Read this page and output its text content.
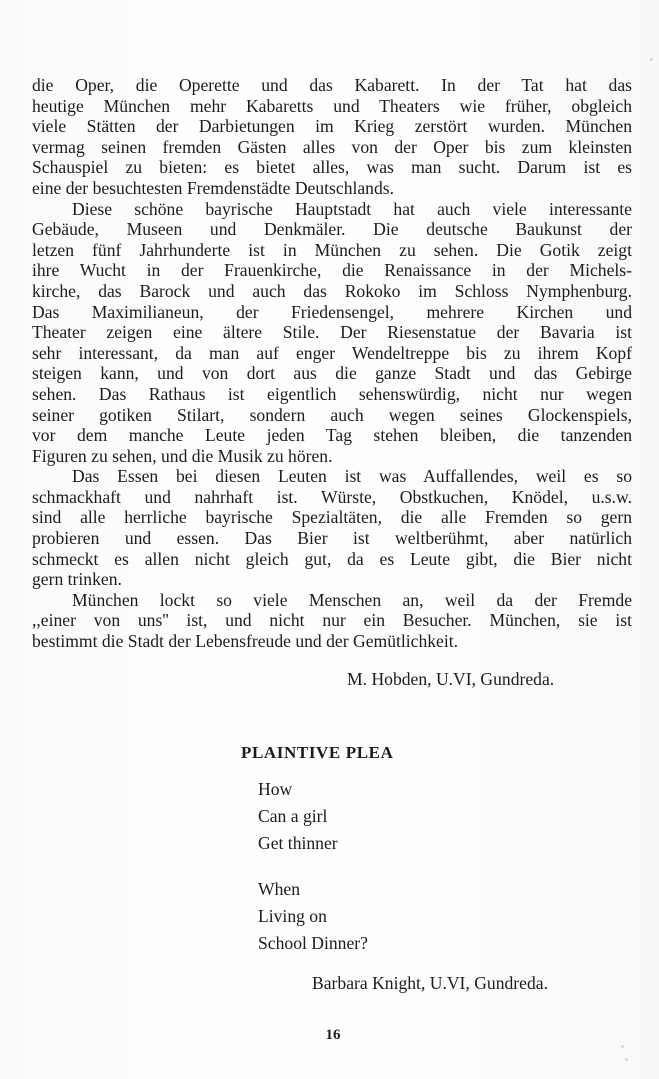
die Oper, die Operette und das Kabarett. In der Tat hat das
heutige München mehr Kabaretts und Theaters wie früher, obgleich
viele Stätten der Darbietungen im Krieg zerstört wurden. München
vermag seinen fremden Gästen alles von der Oper bis zum kleinsten
Schauspiel zu bieten: es bietet alles, was man sucht. Darum ist es
eine der besuchtesten Fremdenstädte Deutschlands.
Diese schöne bayrische Hauptstadt hat auch viele interessante
Gebäude, Museen und Denkmäler. Die deutsche Baukunst der
letzen fünf Jahrhunderte ist in München zu sehen. Die Gotik zeigt
ihre Wucht in der Frauenkirche, die Renaissance in der Michels-
kirche, das Barock und auch das Rokoko im Schloss Nymphenburg.
Das Maximilianeun, der Friedensengel, mehrere Kirchen und
Theater zeigen eine ältere Stile. Der Riesenstatue der Bavaria ist
sehr interessant, da man auf enger Wendeltreppe bis zu ihrem Kopf
steigen kann, und von dort aus die ganze Stadt und das Gebirge
sehen. Das Rathaus ist eigentlich sehenswürdig, nicht nur wegen
seiner gotiken Stilart, sondern auch wegen seines Glockenspiels,
vor dem manche Leute jeden Tag stehen bleiben, die tanzenden
Figuren zu sehen, und die Musik zu hören.
Das Essen bei diesen Leuten ist was Auffallendes, weil es so
schmackhaft und nahrhaft ist. Würste, Obstkuchen, Knödel, u.s.w.
sind alle herrliche bayrische Spezialtäten, die alle Fremden so gern
probieren und essen. Das Bier ist weltberühmt, aber natürlich
schmeckt es allen nicht gleich gut, da es Leute gibt, die Bier nicht
gern trinken.
München lockt so viele Menschen an, weil da der Fremde
,,einer von uns'' ist, und nicht nur ein Besucher. München, sie ist
bestimmt die Stadt der Lebensfreude und der Gemütlichkeit.
M. Hobden, U.VI, Gundreda.
PLAINTIVE PLEA
How
Can a girl
Get thinner
When
Living on
School Dinner?
Barbara Knight, U.VI, Gundreda.
16
